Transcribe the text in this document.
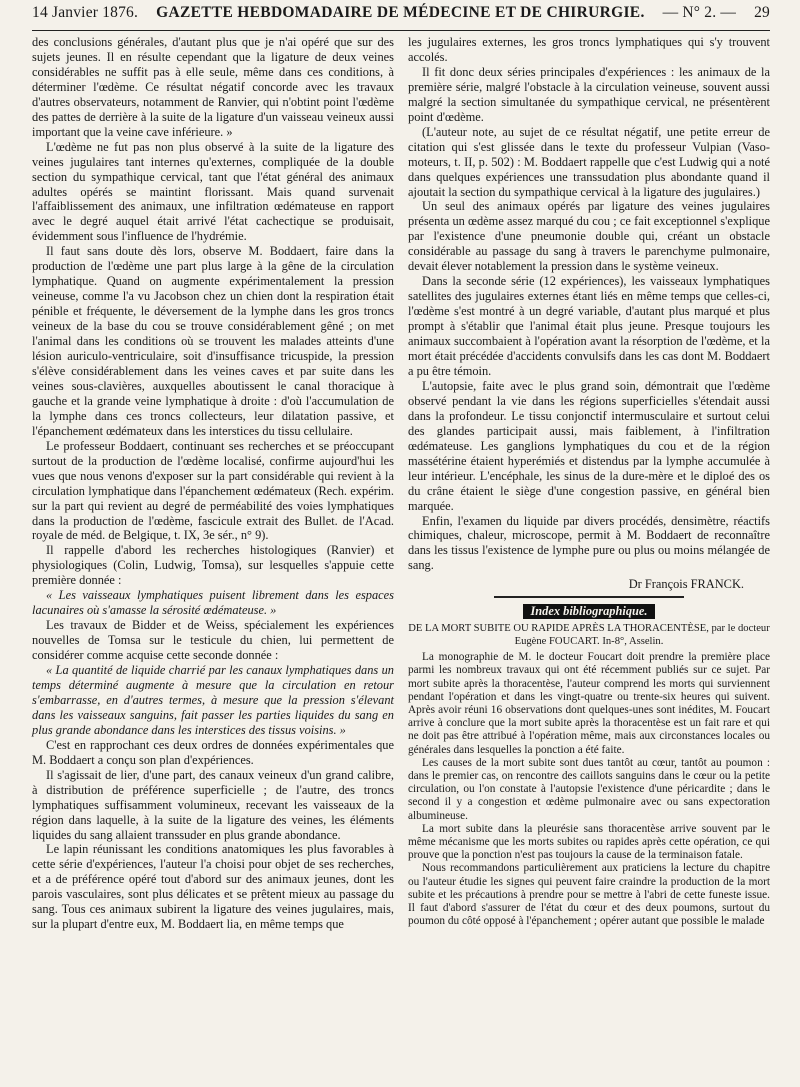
14 Janvier 1876. GAZETTE HEBDOMADAIRE DE MÉDECINE ET DE CHIRURGIE. — N° 2. — 29

des conclusions générales, d'autant plus que je n'ai opéré que sur des sujets jeunes. Il en résulte cependant que la ligature de deux veines considérables ne suffit pas à elle seule, même dans ces conditions, à déterminer l'œdème. Ce résultat négatif concorde avec les travaux d'autres observateurs, notamment de Ranvier, qui n'obtint point l'œdème des pattes de derrière à la suite de la ligature d'un vaisseau veineux aussi important que la veine cave inférieure. »

L'œdème ne fut pas non plus observé à la suite de la ligature des veines jugulaires tant internes qu'externes, compliquée de la double section du sympathique cervical, tant que l'état général des animaux adultes opérés se maintint florissant. Mais quand survenait l'affaiblissement des animaux, une infiltration œdémateuse en rapport avec le degré auquel était arrivé l'état cachectique se produisait, évidemment sous l'influence de l'hydrémie.

Il faut sans doute dès lors, observe M. Boddaert, faire dans la production de l'œdème une part plus large à la gêne de la circulation lymphatique. Quand on augmente expérimentalement la pression veineuse, comme l'a vu Jacobson chez un chien dont la respiration était pénible et fréquente, le déversement de la lymphe dans les gros troncs veineux de la base du cou se trouve considérablement gêné ; on met l'animal dans les conditions où se trouvent les malades atteints d'une lésion auriculo-ventriculaire, soit d'insuffisance tricuspide, la pression s'élève considérablement dans les veines caves et par suite dans les veines sous-clavières, auxquelles aboutissent le canal thoracique à gauche et la grande veine lymphatique à droite : d'où l'accumulation de la lymphe dans ces troncs collecteurs, leur dilatation passive, et l'épanchement œdémateux dans les interstices du tissu cellulaire.

Le professeur Boddaert, continuant ses recherches et se préoccupant surtout de la production de l'œdème localisé, confirme aujourd'hui les vues que nous venons d'exposer sur la part considérable qui revient à la circulation lymphatique dans l'épanchement œdémateux (Rech. expérim. sur la part qui revient au degré de perméabilité des voies lymphatiques dans la production de l'œdème, fascicule extrait des Bullet. de l'Acad. royale de méd. de Belgique, t. IX, 3e sér., n° 9).

Il rappelle d'abord les recherches histologiques (Ranvier) et physiologiques (Colin, Ludwig, Tomsa), sur lesquelles s'appuie cette première donnée :

« Les vaisseaux lymphatiques puisent librement dans les espaces lacunaires où s'amasse la sérosité œdémateuse. »

Les travaux de Bidder et de Weiss, spécialement les expériences nouvelles de Tomsa sur le testicule du chien, lui permettent de considérer comme acquise cette seconde donnée :

« La quantité de liquide charrié par les canaux lymphatiques dans un temps déterminé augmente à mesure que la circulation en retour s'embarrasse, en d'autres termes, à mesure que la pression s'élevant dans les vaisseaux sanguins, fait passer les parties liquides du sang en plus grande abondance dans les interstices des tissus voisins. »

C'est en rapprochant ces deux ordres de données expérimentales que M. Boddaert a conçu son plan d'expériences.

Il s'agissait de lier, d'une part, des canaux veineux d'un grand calibre, à distribution de préférence superficielle ; de l'autre, des troncs lymphatiques suffisamment volumineux, recevant les vaisseaux de la région dans laquelle, à la suite de la ligature des veines, les éléments liquides du sang allaient transsuder en plus grande abondance.

Le lapin réunissant les conditions anatomiques les plus favorables à cette série d'expériences, l'auteur l'a choisi pour objet de ses recherches, et a de préférence opéré tout d'abord sur des animaux jeunes, dont les parois vasculaires, sont plus délicates et se prêtent mieux au passage du sang. Tous ces animaux subirent la ligature des veines jugulaires, mais, sur la plupart d'entre eux, M. Boddaert lia, en même temps que

les jugulaires externes, les gros troncs lymphatiques qui s'y trouvent accolés.

Il fit donc deux séries principales d'expériences : les animaux de la première série, malgré l'obstacle à la circulation veineuse, souvent aussi malgré la section simultanée du sympathique cervical, ne présentèrent point d'œdème.

(L'auteur note, au sujet de ce résultat négatif, une petite erreur de citation qui s'est glissée dans le texte du professeur Vulpian (Vaso-moteurs, t. II, p. 502) : M. Boddaert rappelle que c'est Ludwig qui a noté dans quelques expériences une transsudation plus abondante quand il ajoutait la section du sympathique cervical à la ligature des jugulaires.)

Un seul des animaux opérés par ligature des veines jugulaires présenta un œdème assez marqué du cou ; ce fait exceptionnel s'explique par l'existence d'une pneumonie double qui, créant un obstacle considérable au passage du sang à travers le parenchyme pulmonaire, devait élever notablement la pression dans le système veineux.

Dans la seconde série (12 expériences), les vaisseaux lymphatiques satellites des jugulaires externes étant liés en même temps que celles-ci, l'œdème s'est montré à un degré variable, d'autant plus marqué et plus prompt à s'établir que l'animal était plus jeune. Presque toujours les animaux succombaient à l'opération avant la résorption de l'œdème, et la mort était précédée d'accidents convulsifs dans les cas dont M. Boddaert a pu être témoin.

L'autopsie, faite avec le plus grand soin, démontrait que l'œdème observé pendant la vie dans les régions superficielles s'étendait aussi dans la profondeur. Le tissu conjonctif intermusculaire et surtout celui des glandes participait aussi, mais faiblement, à l'infiltration œdémateuse. Les ganglions lymphatiques du cou et de la région massétérine étaient hyperémiés et distendus par la lymphe accumulée à leur intérieur. L'encéphale, les sinus de la dure-mère et le diploé des os du crâne étaient le siège d'une congestion passive, en général bien marquée.

Enfin, l'examen du liquide par divers procédés, densimètre, réactifs chimiques, chaleur, microscope, permit à M. Boddaert de reconnaître dans les tissus l'existence de lymphe pure ou plus ou moins mélangée de sang.

Dr François FRANCK.
Index bibliographique.
DE LA MORT SUBITE OU RAPIDE APRÈS LA THORACENTÈSE, par le docteur Eugène FOUCART. In-8°, Asselin.

La monographie de M. le docteur Foucart doit prendre la première place parmi les nombreux travaux qui ont été récemment publiés sur ce sujet. Par mort subite après la thoracentèse, l'auteur comprend les morts qui surviennent pendant l'opération et dans les vingt-quatre ou trente-six heures qui suivent. Après avoir réuni 16 observations dont quelques-unes sont inédites, M. Foucart arrive à conclure que la mort subite après la thoracentèse est un fait rare et qui ne doit pas être attribué à l'opération même, mais aux circonstances locales ou générales dans lesquelles la ponction a été faite.

Les causes de la mort subite sont dues tantôt au cœur, tantôt au poumon : dans le premier cas, on rencontre des caillots sanguins dans le cœur ou la petite circulation, ou l'on constate à l'autopsie l'existence d'une péricardite ; dans le second il y a congestion et œdème pulmonaire avec ou sans expectoration albumineuse.

La mort subite dans la pleurésie sans thoracentèse arrive souvent par le même mécanisme que les morts subites ou rapides après cette opération, ce qui prouve que la ponction n'est pas toujours la cause de la terminaison fatale.

Nous recommandons particulièrement aux praticiens la lecture du chapitre ou l'auteur étudie les signes qui peuvent faire craindre la production de la mort subite et les précautions à prendre pour se mettre à l'abri de cette funeste issue. Il faut d'abord s'assurer de l'état du cœur et des deux poumons, surtout du poumon du côté opposé à l'épanchement ; opérer autant que possible le malade
